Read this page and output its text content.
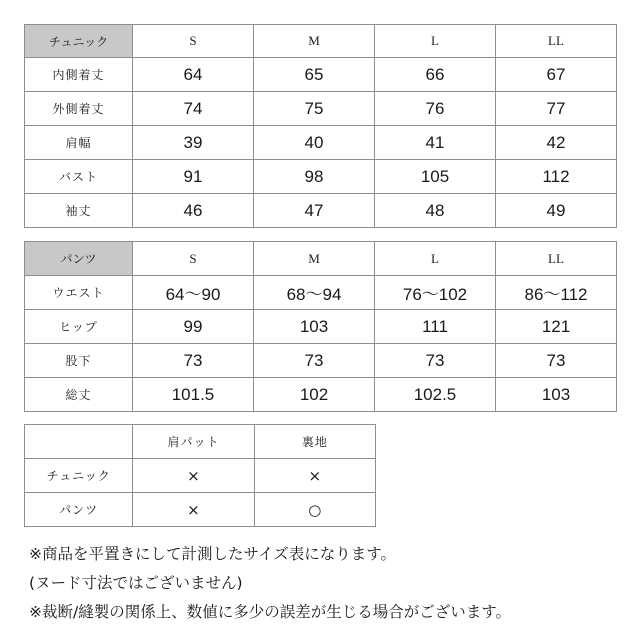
チュニック	S	M	L	LL
内側着丈	64	65	66	67
外側着丈	74	75	76	77
肩幅	39	40	41	42
バスト	91	98	105	112
袖丈	46	47	48	49
パンツ	S	M	L	LL
ウエスト	64〜90	68〜94	76〜102	86〜112
ヒップ	99	103	111	121
股下	73	73	73	73
総丈	101.5	102	102.5	103
	肩パット	裏地
チュニック	×	×
パンツ	×	○
※商品を平置きにして計測したサイズ表になります。
(ヌード寸法ではございません)
※裁断/縫製の関係上、数値に多少の誤差が生じる場合がございます。
